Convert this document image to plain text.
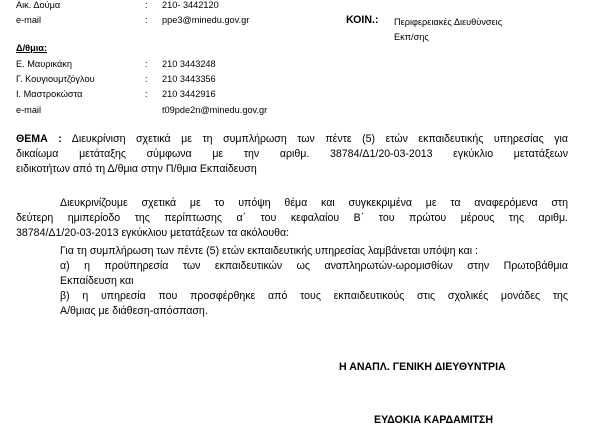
Αικ. Δούμα	: 210- 3442120
e-mail	: ppe3@minedu.gov.gr
Δ/θμια:
Ε. Μαυρικάκη	: 210 3443248
Γ. Κουγιουμτζόγλου	: 210 3443356
Ι. Μαστροκώστα	: 210 3442916
e-mail	t09pde2n@minedu.gov.gr
ΚΟΙΝ.: Περιφερειακές Διευθύνσεις
Εκπ/σης
ΘΕΜΑ : Διευκρίνιση σχετικά με τη συμπλήρωση των πέντε (5) ετών εκπαιδευτικής υπηρεσίας για
δικαίωμα μετάταξης σύμφωνα με την αριθμ. 38784/Δ1/20-03-2013 εγκύκλιο μετατάξεων
ειδικοτήτων από τη Δ/θμια στην Π/θμια Εκπαίδευση
Διευκρινίζουμε σχετικά με το υπόψη θέμα και συγκεκριμένα με τα αναφερόμενα στη
δεύτερη ημιπερίοδο της περίπτωσης α΄ του κεφαλαίου Β΄ του πρώτου μέρους της αριθμ.
38784/Δ1/20-03-2013 εγκύκλιου μετατάξεων τα ακόλουθα:
Για τη συμπλήρωση των πέντε (5) ετών εκπαιδευτικής υπηρεσίας λαμβάνεται υπόψη και :
α) η προϋπηρεσία των εκπαιδευτικών ως αναπληρωτών-ωρομισθίων στην Πρωτοβάθμια
Εκπαίδευση και
β) η υπηρεσία που προσφέρθηκε από τους εκπαιδευτικούς στις σχολικές μονάδες της
Α/θμιας με διάθεση-απόσπαση.
Η ΑΝΑΠΛ. ΓΕΝΙΚΗ ΔΙΕΥΘΥΝΤΡΙΑ
ΕΥΔΟΚΙΑ ΚΑΡΔΑΜΙΤΣΗ
